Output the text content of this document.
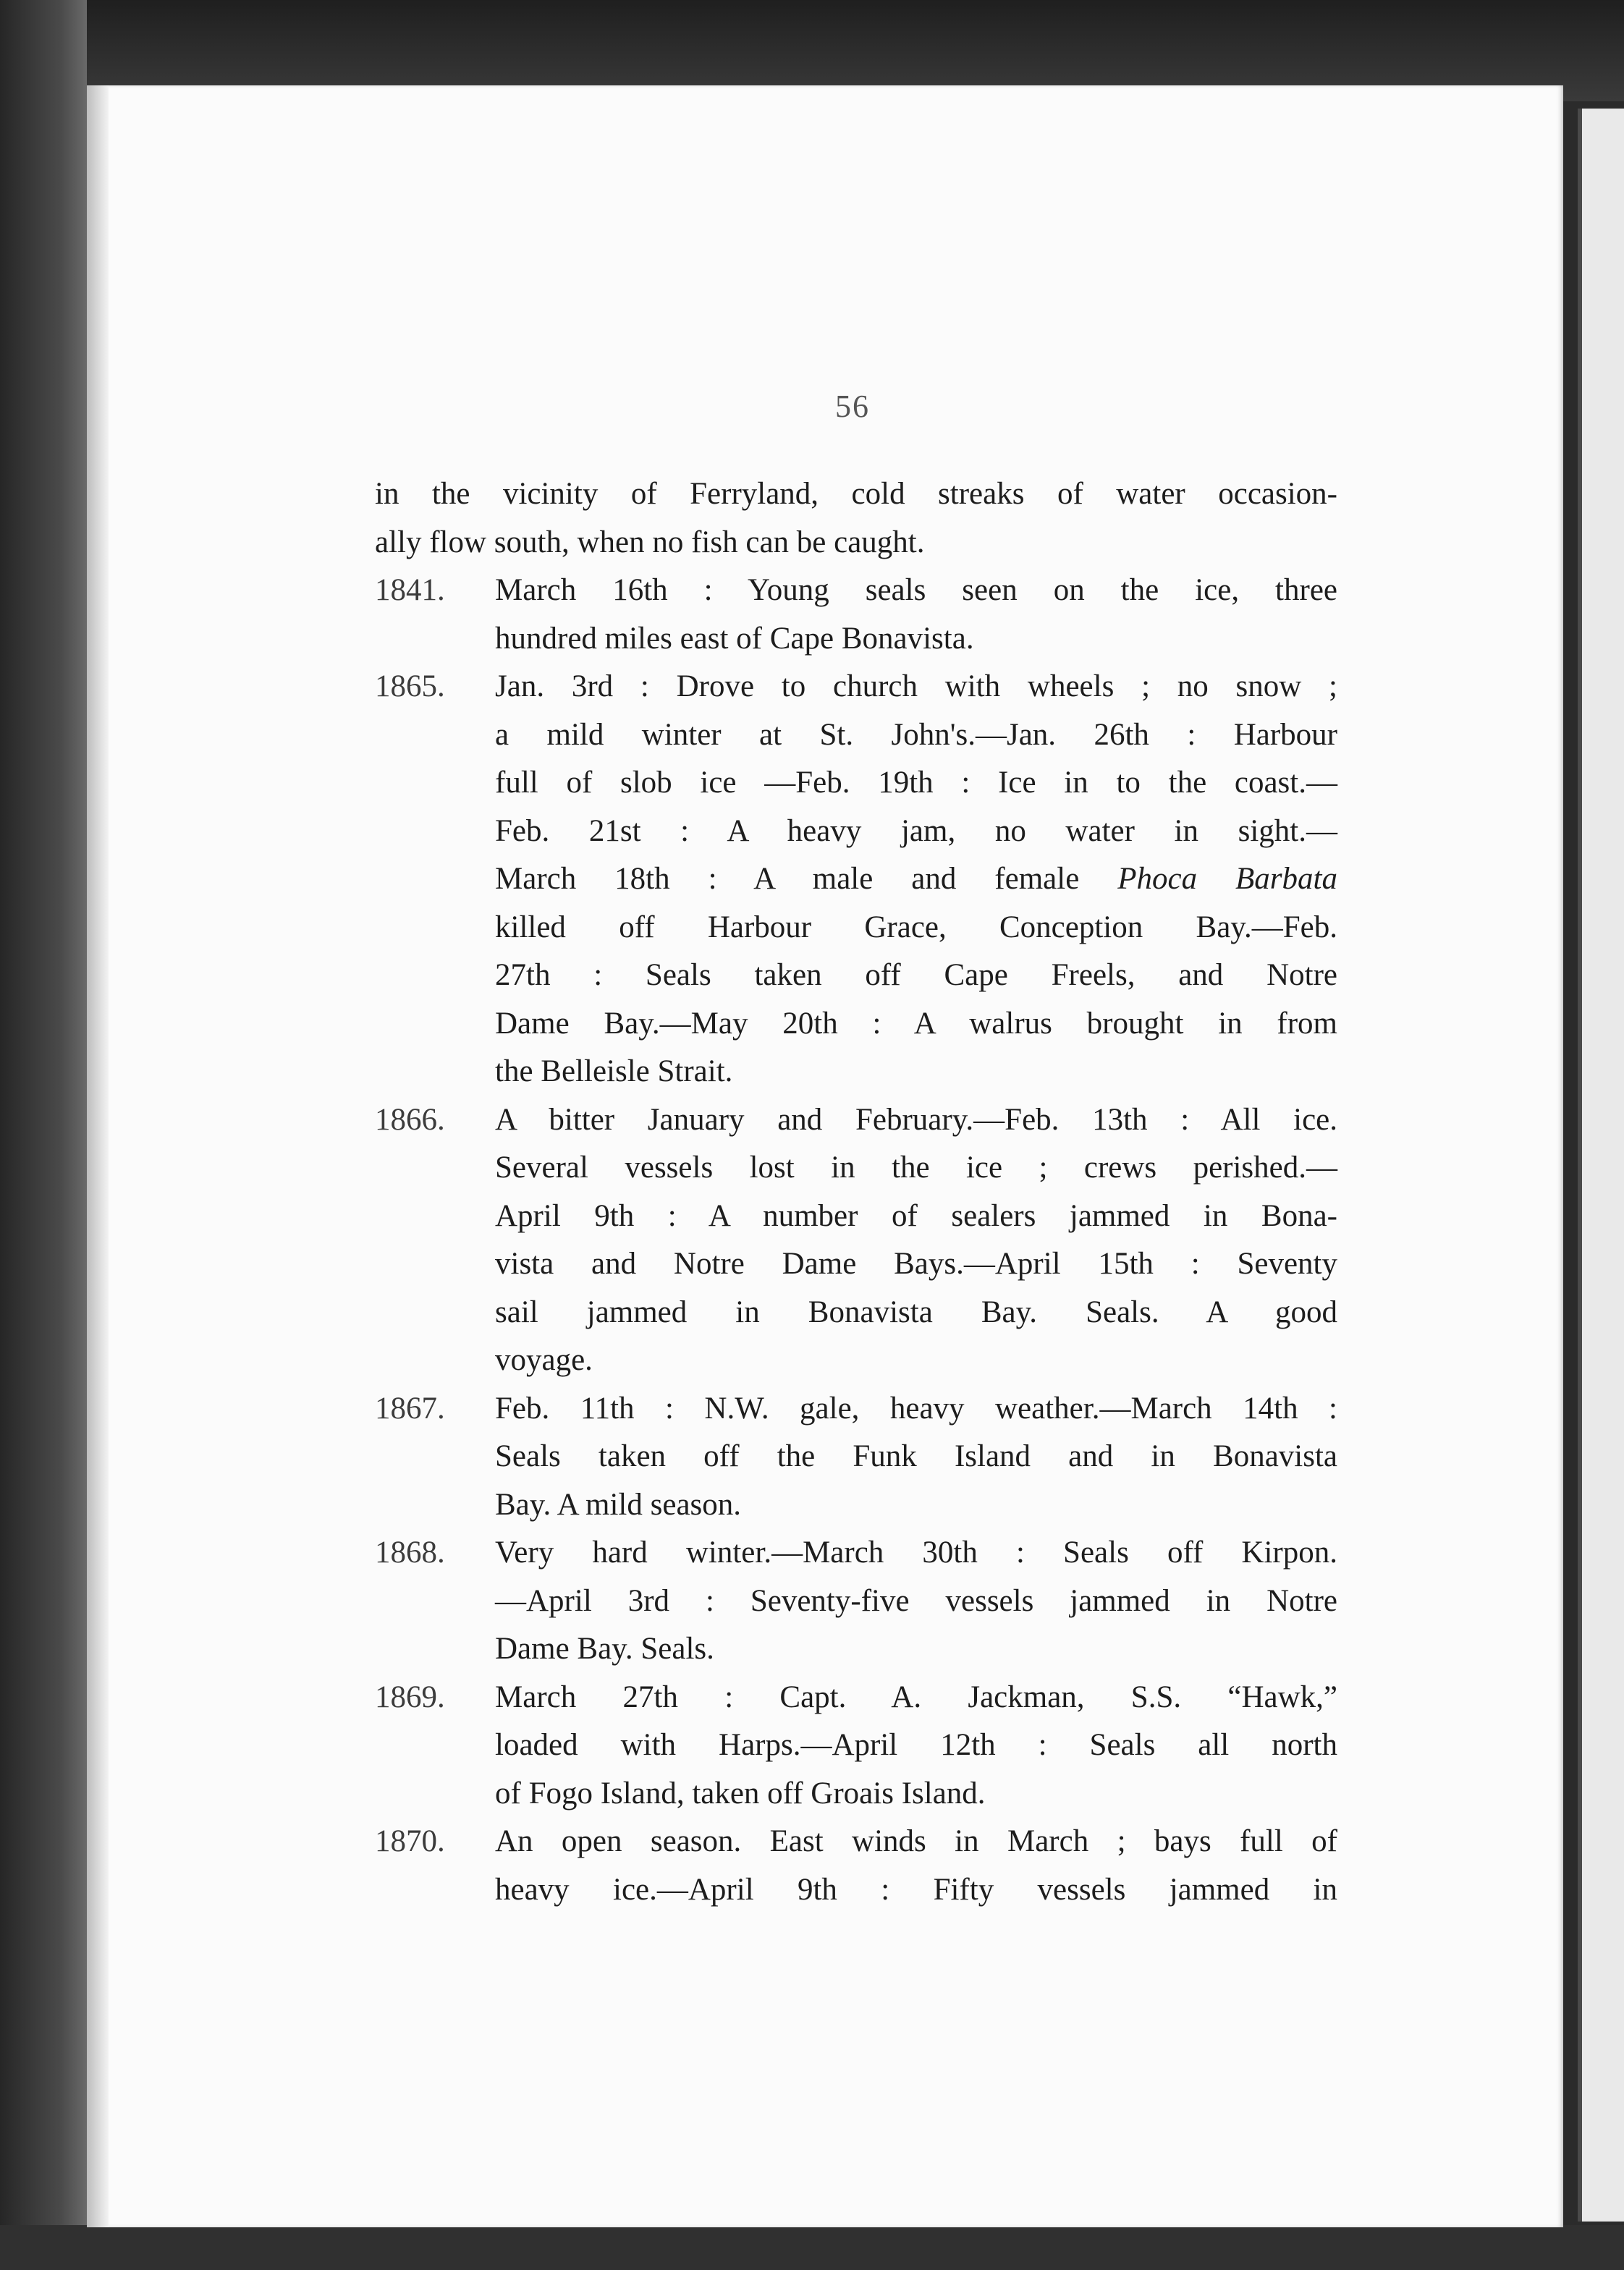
56

in the vicinity of Ferryland, cold streaks of water occasion-
ally flow south, when no fish can be caught.

1841.	March 16th : Young seals seen on the ice, three
hundred miles east of Cape Bonavista.

1865.	Jan. 3rd : Drove to church with wheels ; no snow ;
a mild winter at St. John's.—Jan. 26th : Harbour
full of slob ice —Feb. 19th : Ice in to the coast.—
Feb. 21st : A heavy jam, no water in sight.—
March 18th : A male and female Phoca Barbata
killed off Harbour Grace, Conception Bay.—Feb.
27th : Seals taken off Cape Freels, and Notre
Dame Bay.—May 20th : A walrus brought in from
the Belleisle Strait.

1866.	A bitter January and February.—Feb. 13th : All ice.
Several vessels lost in the ice ; crews perished.—
April 9th : A number of sealers jammed in Bona-
vista and Notre Dame Bays.—April 15th : Seventy
sail jammed in Bonavista Bay. Seals. A good
voyage.

1867.	Feb. 11th : N.W. gale, heavy weather.—March 14th :
Seals taken off the Funk Island and in Bonavista
Bay. A mild season.

1868.	Very hard winter.—March 30th : Seals off Kirpon.
—April 3rd : Seventy-five vessels jammed in Notre
Dame Bay. Seals.

1869.	March 27th : Capt. A. Jackman, S.S. “Hawk,”
loaded with Harps.—April 12th : Seals all north
of Fogo Island, taken off Groais Island.

1870.	An open season. East winds in March ; bays full of
heavy ice.—April 9th : Fifty vessels jammed in
